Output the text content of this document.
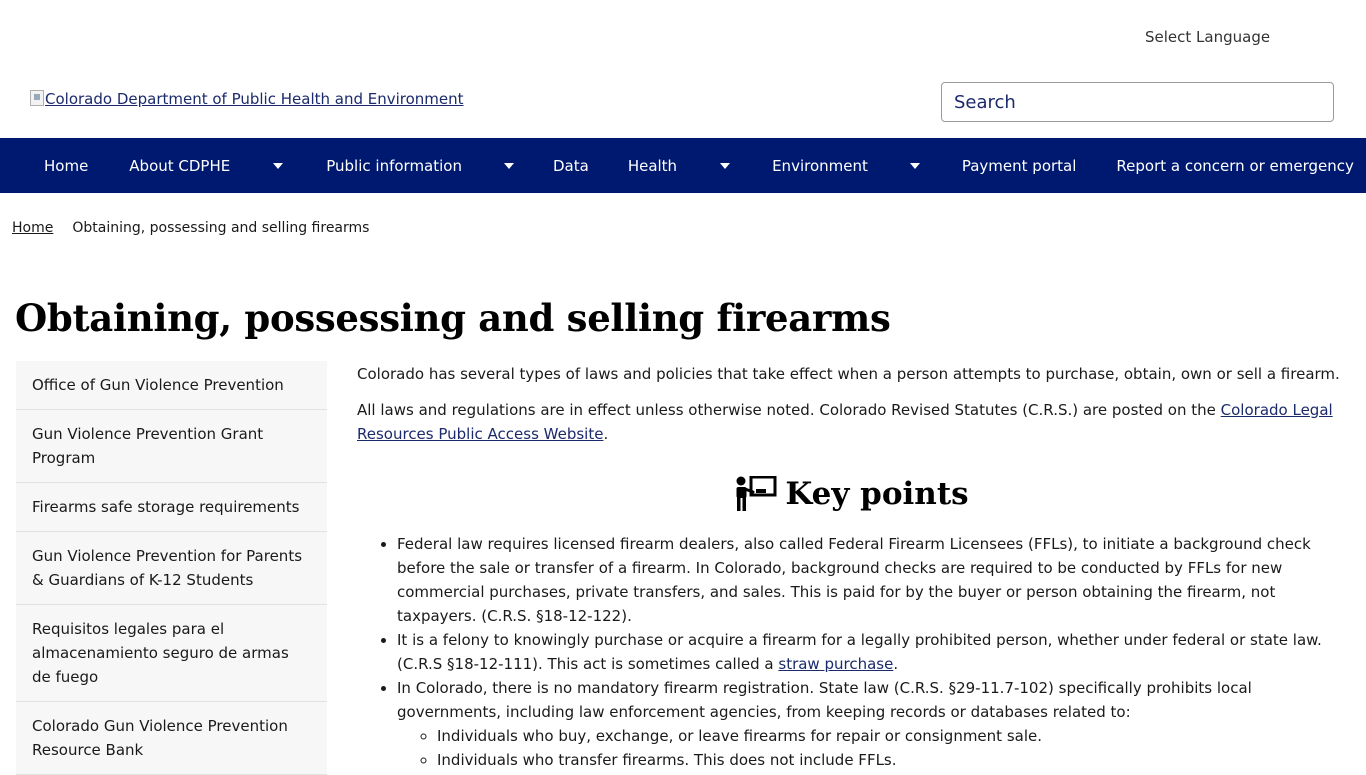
Select Language
Colorado Department of Public Health and Environment
Search
Home	About CDPHE	Public information	Data	Health	Environment	Payment portal	Report a concern or emergency
Home Obtaining, possessing and selling firearms
Obtaining, possessing and selling firearms
Office of Gun Violence Prevention
Gun Violence Prevention Grant Program
Firearms safe storage requirements
Gun Violence Prevention for Parents & Guardians of K-12 Students
Requisitos legales para el almacenamiento seguro de armas de fuego
Colorado Gun Violence Prevention Resource Bank

Colorado has several types of laws and policies that take effect when a person attempts to purchase, obtain, own or sell a firearm.

All laws and regulations are in effect unless otherwise noted. Colorado Revised Statutes (C.R.S.) are posted on the Colorado Legal Resources Public Access Website.

Key points
• Federal law requires licensed firearm dealers, also called Federal Firearm Licensees (FFLs), to initiate a background check before the sale or transfer of a firearm. In Colorado, background checks are required to be conducted by FFLs for new commercial purchases, private transfers, and sales. This is paid for by the buyer or person obtaining the firearm, not taxpayers. (C.R.S. §18-12-122).
• It is a felony to knowingly purchase or acquire a firearm for a legally prohibited person, whether under federal or state law. (C.R.S §18-12-111). This act is sometimes called a straw purchase.
• In Colorado, there is no mandatory firearm registration. State law (C.R.S. §29-11.7-102) specifically prohibits local governments, including law enforcement agencies, from keeping records or databases related to:
◦ Individuals who buy, exchange, or leave firearms for repair or consignment sale.
◦ Individuals who transfer firearms. This does not include FFLs.
